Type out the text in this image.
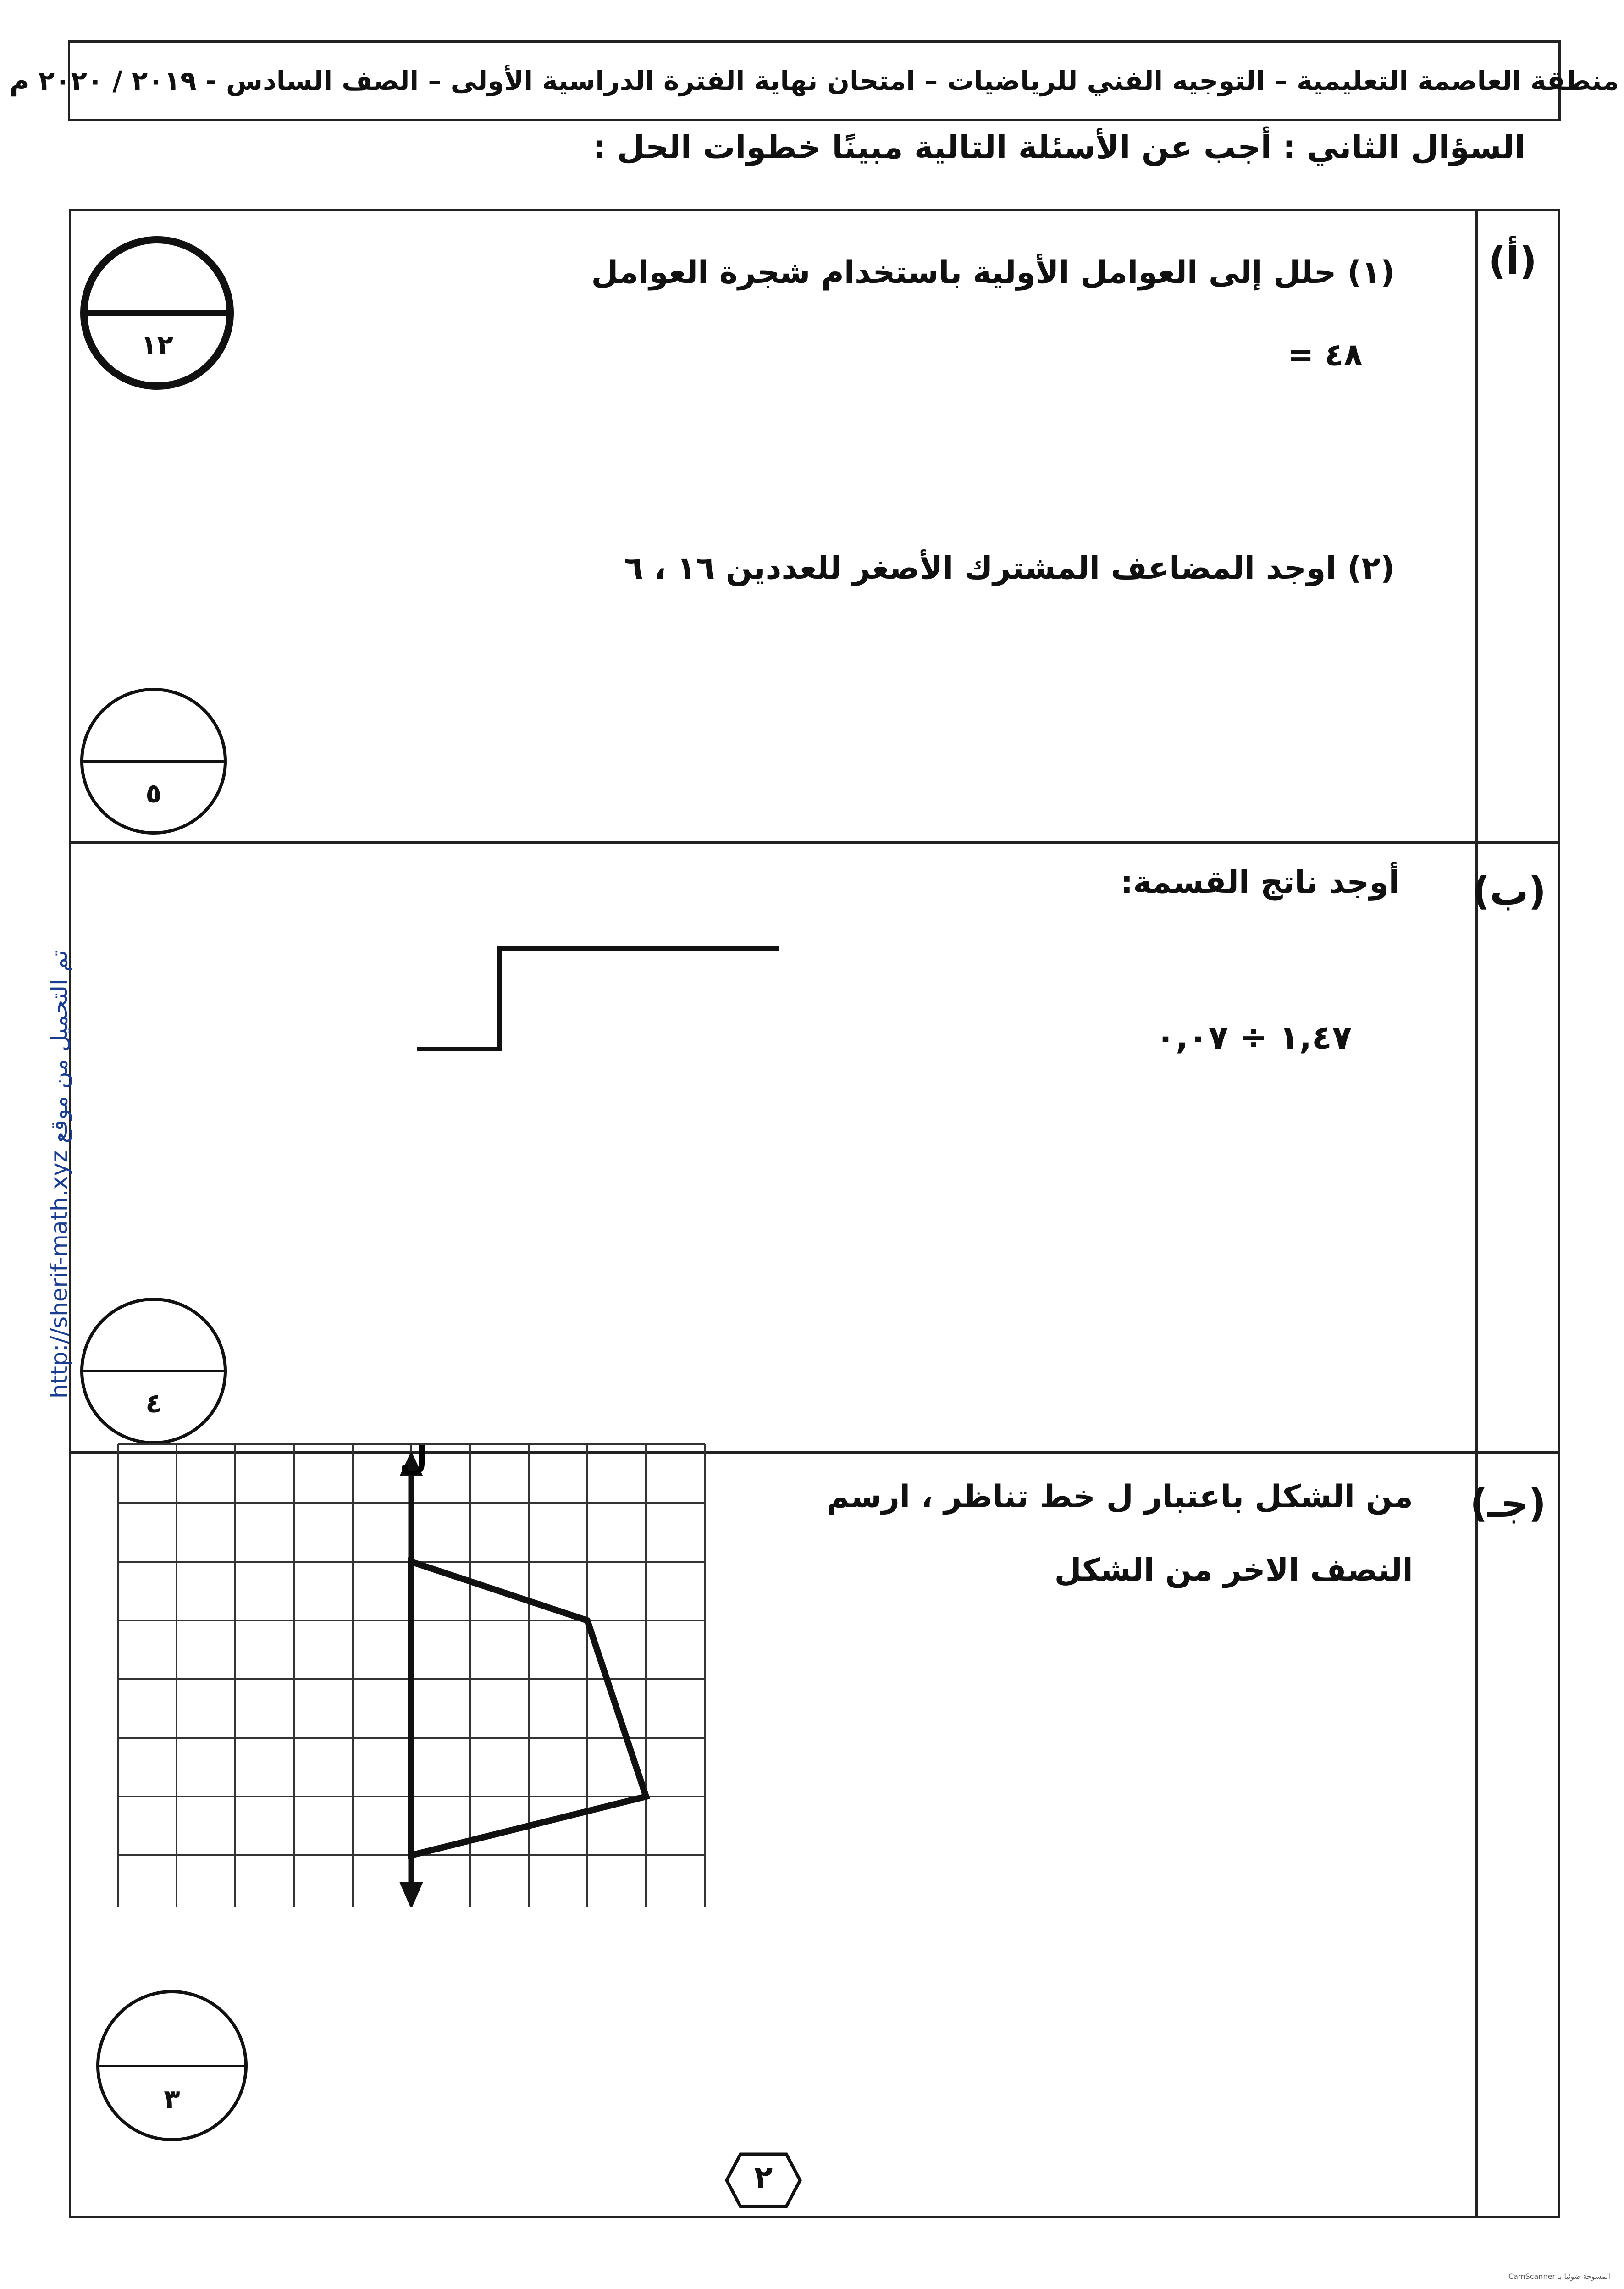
منطقة العاصمة التعليمية – التوجيه الفني للرياضيات – امتحان نهاية الفترة الدراسية الأولى – الصف السادس - ٢٠١٩ / ٢٠٢٠ م
السؤال الثاني : أجب عن الأسئلة التالية مبينًا خطوات الحل :
(أ)
(١) حلل إلى العوامل الأولية باستخدام شجرة العوامل
٤٨ =
(٢) اوجد المضاعف المشترك الأصغر للعددين ١٦ ، ٦
١٢
٥
(ب)
أوجد ناتج القسمة:
١,٤٧ ÷ ٠,٠٧
٤
(جـ)
من الشكل باعتبار ل خط تناظر ، ارسم
النصف الاخر من الشكل
ل
٣
٢
تم التحميل من موقع http://sherif-math.xyz
CamScanner المسوحة ضوئيا بـ
